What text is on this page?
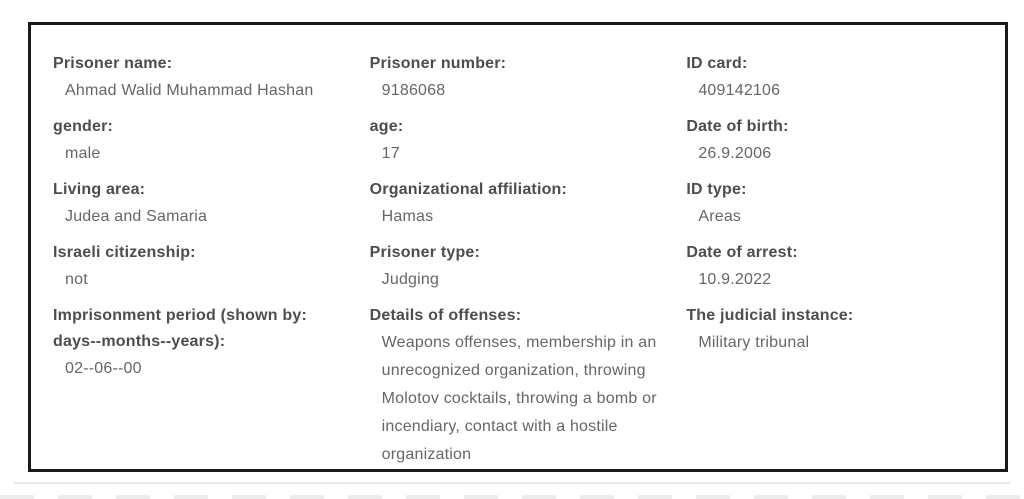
Prisoner name:
Ahmad Walid Muhammad Hashan
Prisoner number:
9186068
ID card:
409142106
gender:
male
age:
17
Date of birth:
26.9.2006
Living area:
Judea and Samaria
Organizational affiliation:
Hamas
ID type:
Areas
Israeli citizenship:
not
Prisoner type:
Judging
Date of arrest:
10.9.2022
Imprisonment period (shown by: days--months--years):
02--06--00
Details of offenses:
Weapons offenses, membership in an unrecognized organization, throwing Molotov cocktails, throwing a bomb or incendiary, contact with a hostile organization
The judicial instance:
Military tribunal
